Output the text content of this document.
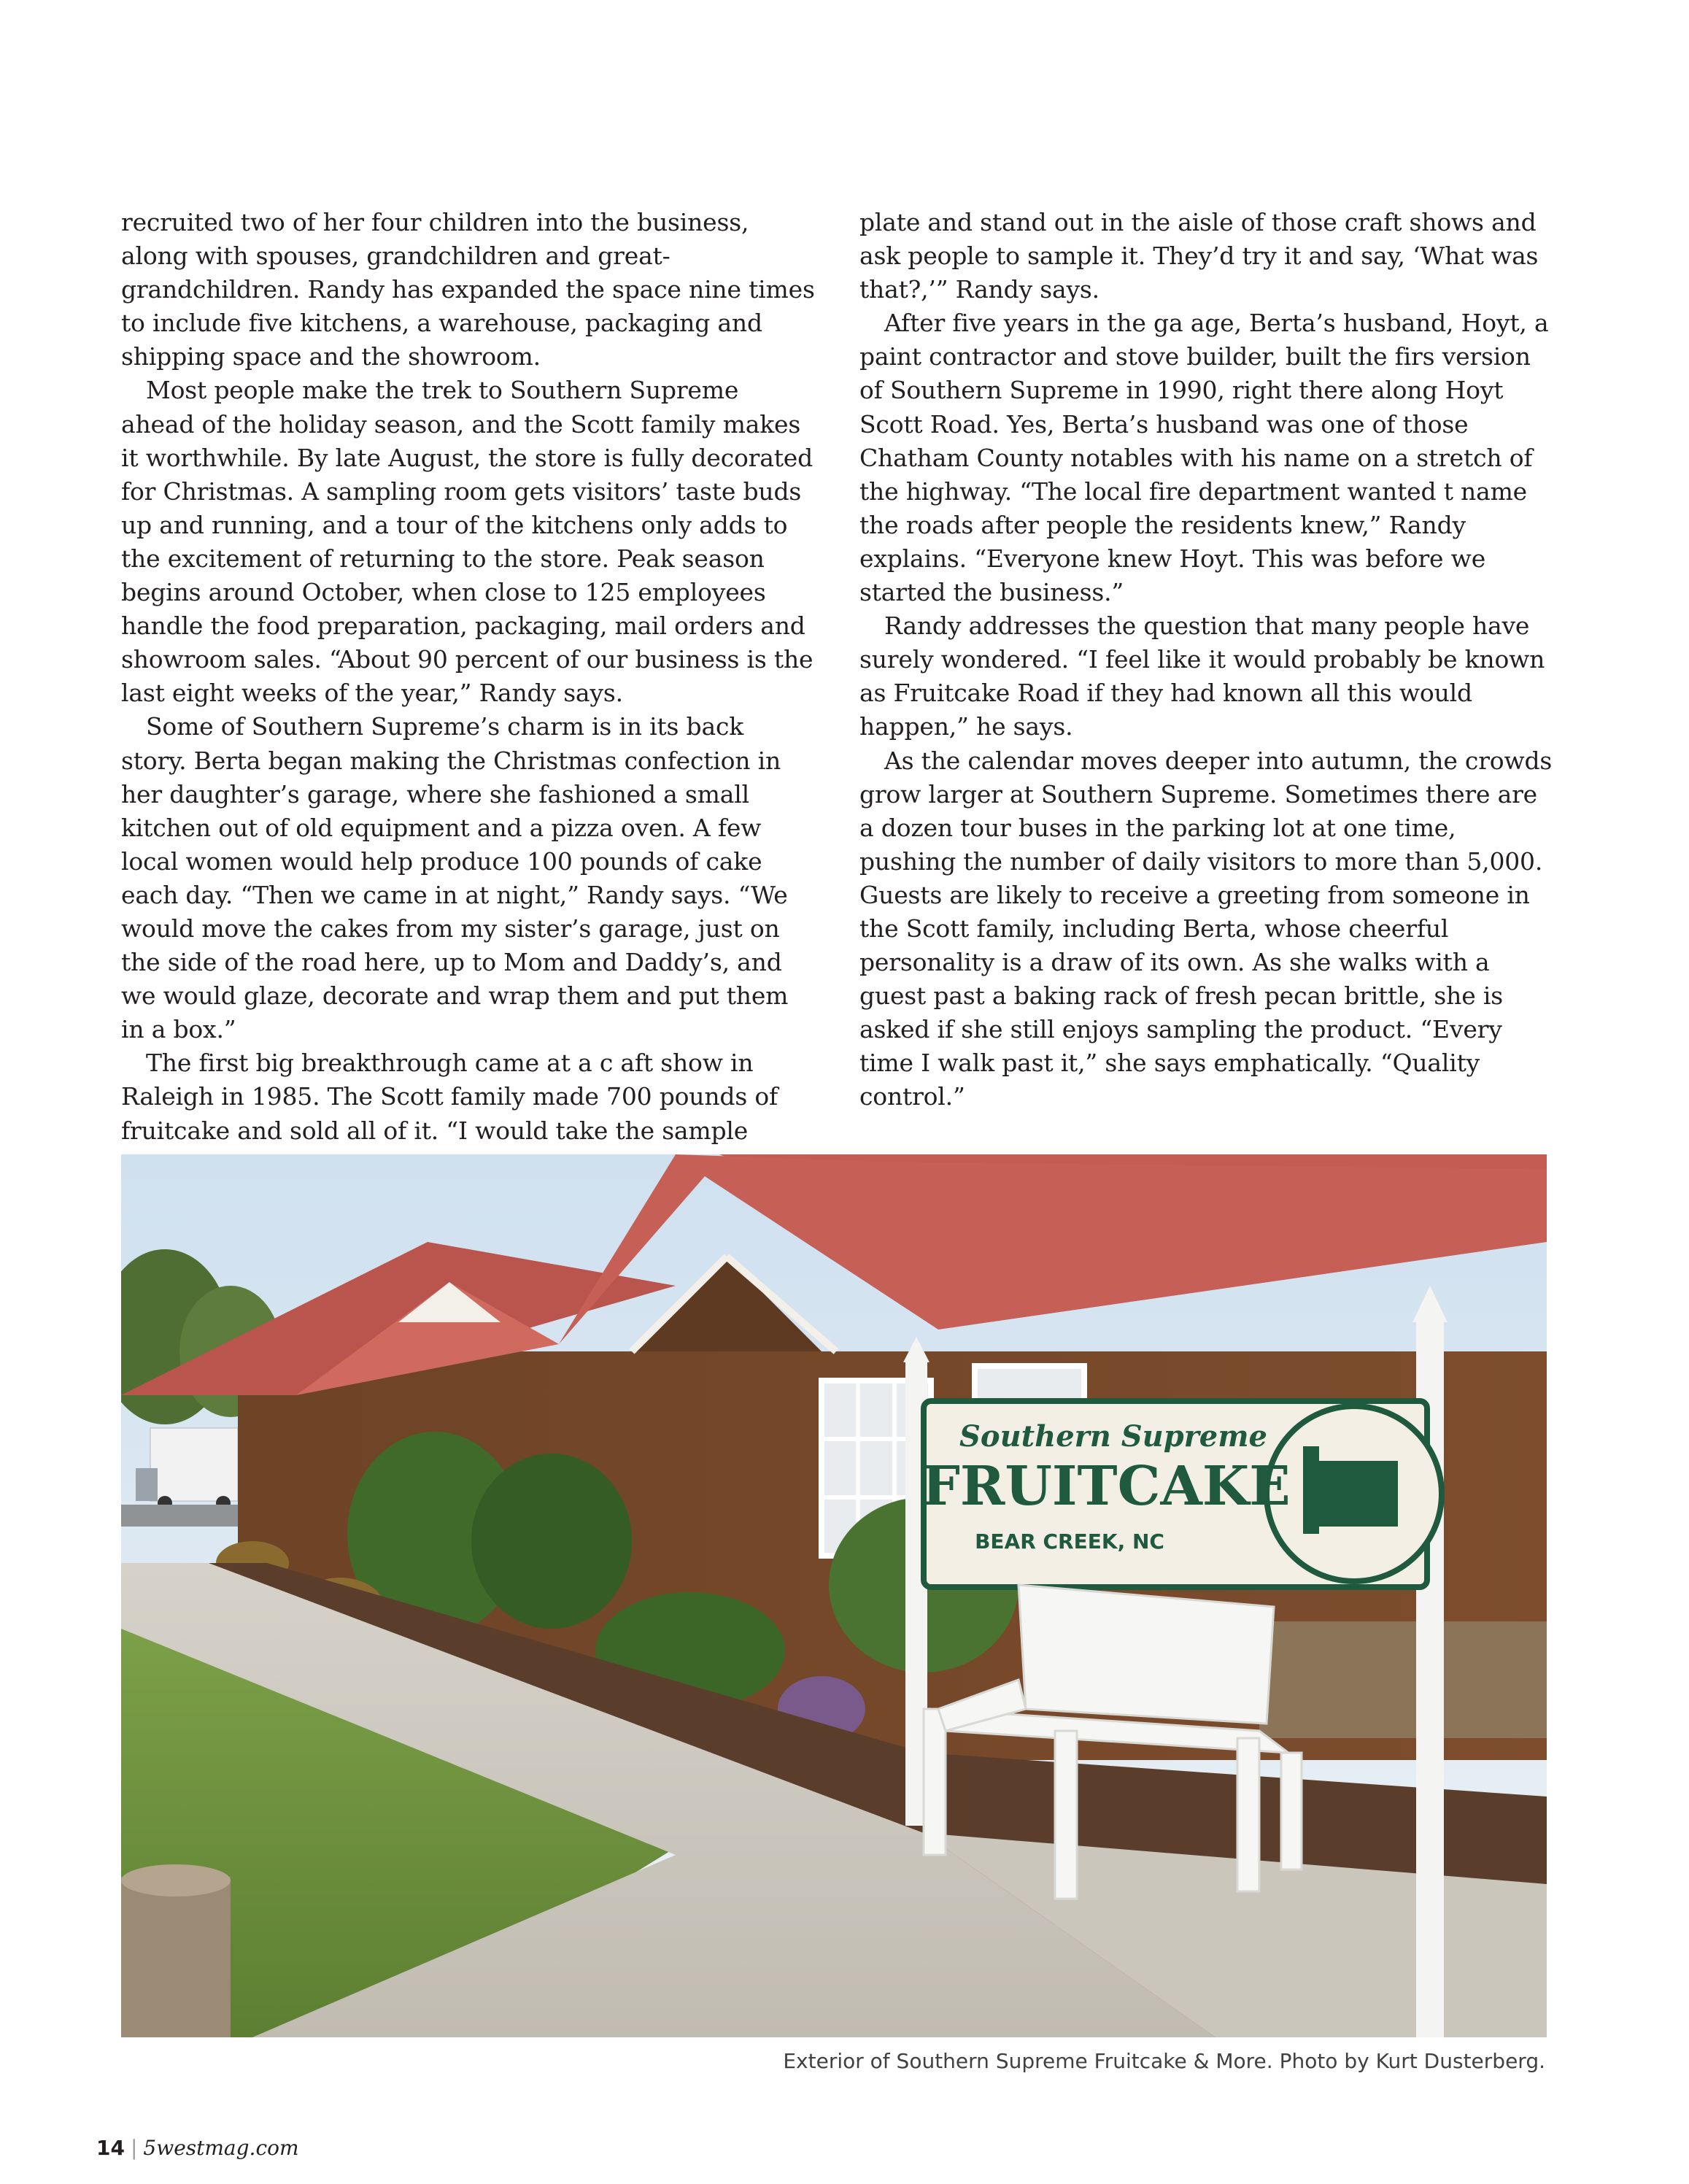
recruited two of her four children into the business, along with spouses, grandchildren and great-grandchildren. Randy has expanded the space nine times to include five kitchens, a warehouse, packaging and shipping space and the showroom.

Most people make the trek to Southern Supreme ahead of the holiday season, and the Scott family makes it worthwhile. By late August, the store is fully decorated for Christmas. A sampling room gets visitors’ taste buds up and running, and a tour of the kitchens only adds to the excitement of returning to the store. Peak season begins around October, when close to 125 employees handle the food preparation, packaging, mail orders and showroom sales. “About 90 percent of our business is the last eight weeks of the year,” Randy says.

Some of Southern Supreme’s charm is in its back story. Berta began making the Christmas confection in her daughter’s garage, where she fashioned a small kitchen out of old equipment and a pizza oven. A few local women would help produce 100 pounds of cake each day. “Then we came in at night,” Randy says. “We would move the cakes from my sister’s garage, just on the side of the road here, up to Mom and Daddy’s, and we would glaze, decorate and wrap them and put them in a box.”

The first big breakthrough came at a c aft show in Raleigh in 1985. The Scott family made 700 pounds of fruitcake and sold all of it. “I would take the sample

plate and stand out in the aisle of those craft shows and ask people to sample it. They’d try it and say, ‘What was that?,’” Randy says.

After five years in the ga age, Berta’s husband, Hoyt, a paint contractor and stove builder, built the firs version of Southern Supreme in 1990, right there along Hoyt Scott Road. Yes, Berta’s husband was one of those Chatham County notables with his name on a stretch of the highway. “The local fire department wanted t name the roads after people the residents knew,” Randy explains. “Everyone knew Hoyt. This was before we started the business.”

Randy addresses the question that many people have surely wondered. “I feel like it would probably be known as Fruitcake Road if they had known all this would happen,” he says.

As the calendar moves deeper into autumn, the crowds grow larger at Southern Supreme. Sometimes there are a dozen tour buses in the parking lot at one time, pushing the number of daily visitors to more than 5,000. Guests are likely to receive a greeting from someone in the Scott family, including Berta, whose cheerful personality is a draw of its own. As she walks with a guest past a baking rack of fresh pecan brittle, she is asked if she still enjoys sampling the product. “Every time I walk past it,” she says emphatically. “Quality control.”

Southern Supreme
FRUITCAKE
BEAR CREEK, NC
Exterior of Southern Supreme Fruitcake & More. Photo by Kurt Dusterberg.
14 | 5westmag.com
